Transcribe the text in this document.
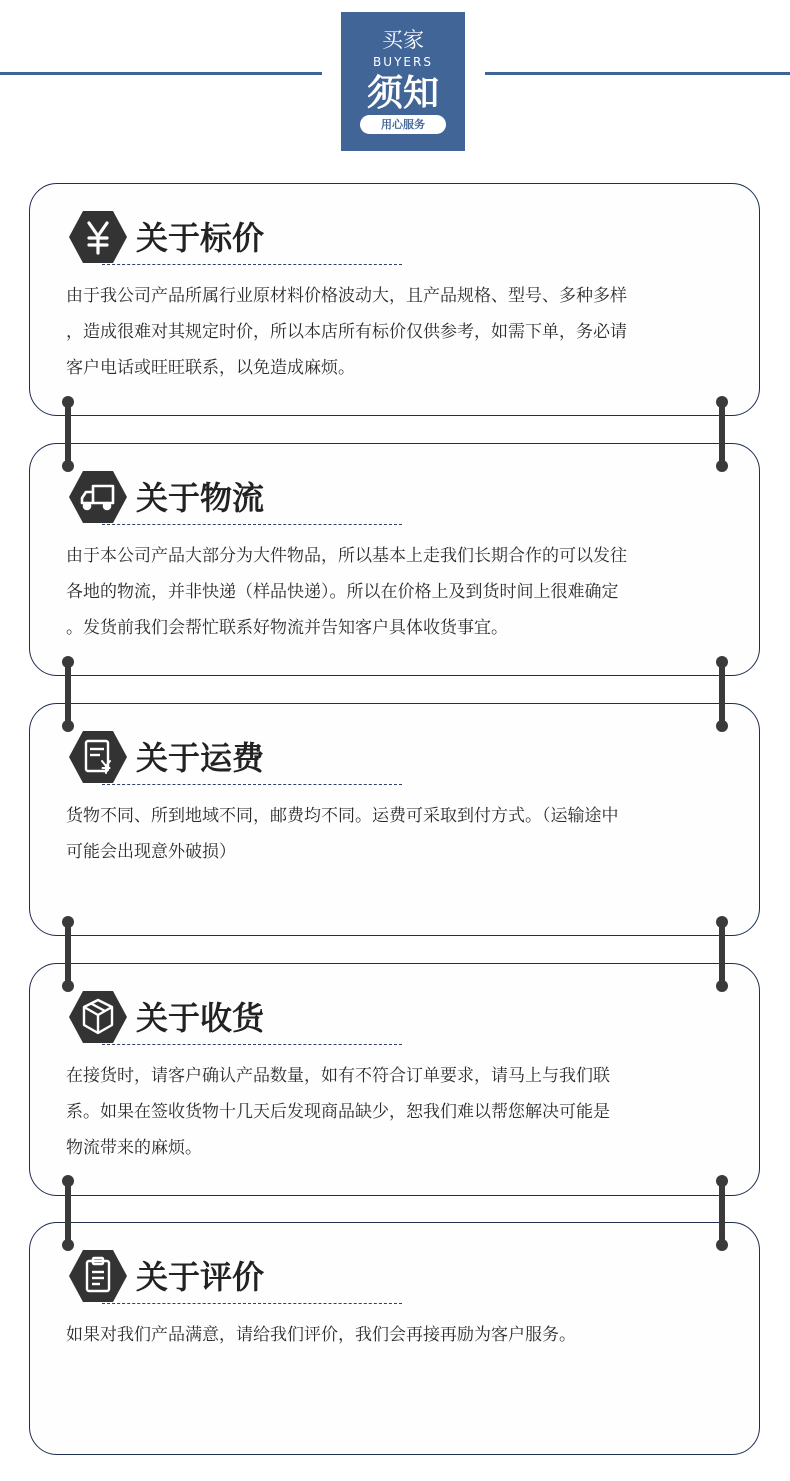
买家
BUYERS
须知
用心服务
关于标价
由于我公司产品所属行业原材料价格波动大，且产品规格、型号、多种多样
，造成很难对其规定时价，所以本店所有标价仅供参考，如需下单，务必请
客户电话或旺旺联系，以免造成麻烦。
关于物流
由于本公司产品大部分为大件物品，所以基本上走我们长期合作的可以发往
各地的物流，并非快递（样品快递）。所以在价格上及到货时间上很难确定
。发货前我们会帮忙联系好物流并告知客户具体收货事宜。
关于运费
货物不同、所到地域不同，邮费均不同。运费可采取到付方式。（运输途中
可能会出现意外破损）
关于收货
在接货时，请客户确认产品数量，如有不符合订单要求，请马上与我们联
系。如果在签收货物十几天后发现商品缺少，恕我们难以帮您解决可能是
物流带来的麻烦。
关于评价
如果对我们产品满意，请给我们评价，我们会再接再励为客户服务。
